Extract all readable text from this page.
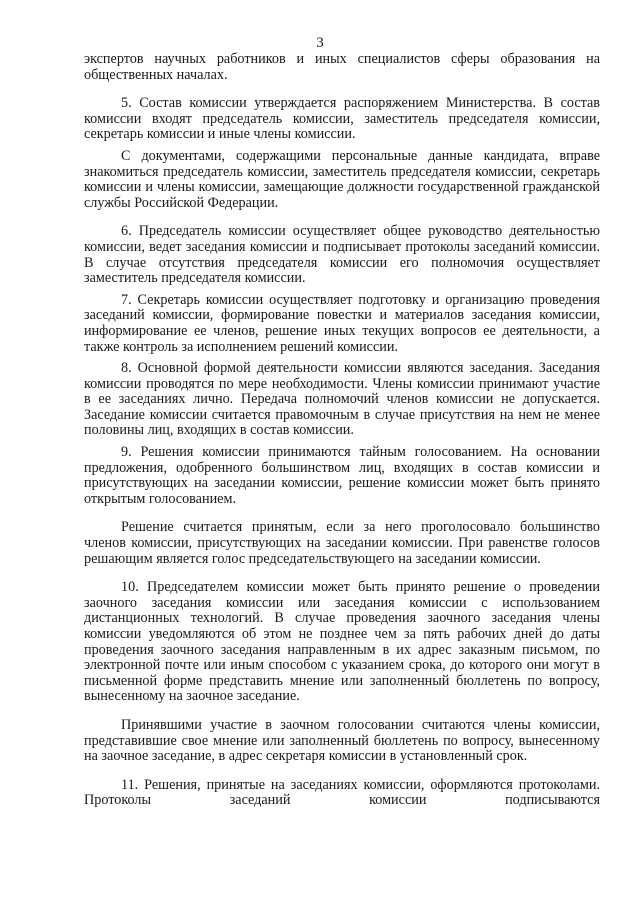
3

экспертов научных работников и иных специалистов сферы образования на общественных началах.

5. Состав комиссии утверждается распоряжением Министерства. В состав комиссии входят председатель комиссии, заместитель председателя комиссии, секретарь комиссии и иные члены комиссии.

С документами, содержащими персональные данные кандидата, вправе знакомиться председатель комиссии, заместитель председателя комиссии, секретарь комиссии и члены комиссии, замещающие должности государственной гражданской службы Российской Федерации.

6. Председатель комиссии осуществляет общее руководство деятельностью комиссии, ведет заседания комиссии и подписывает протоколы заседаний комиссии. В случае отсутствия председателя комиссии его полномочия осуществляет заместитель председателя комиссии.

7. Секретарь комиссии осуществляет подготовку и организацию проведения заседаний комиссии, формирование повестки и материалов заседания комиссии, информирование ее членов, решение иных текущих вопросов ее деятельности, а также контроль за исполнением решений комиссии.

8. Основной формой деятельности комиссии являются заседания. Заседания комиссии проводятся по мере необходимости. Члены комиссии принимают участие в ее заседаниях лично. Передача полномочий членов комиссии не допускается. Заседание комиссии считается правомочным в случае присутствия на нем не менее половины лиц, входящих в состав комиссии.

9. Решения комиссии принимаются тайным голосованием. На основании предложения, одобренного большинством лиц, входящих в состав комиссии и присутствующих на заседании комиссии, решение комиссии может быть принято открытым голосованием.

Решение считается принятым, если за него проголосовало большинство членов комиссии, присутствующих на заседании комиссии. При равенстве голосов решающим является голос председательствующего на заседании комиссии.

10. Председателем комиссии может быть принято решение о проведении заочного заседания комиссии или заседания комиссии с использованием дистанционных технологий. В случае проведения заочного заседания члены комиссии уведомляются об этом не позднее чем за пять рабочих дней до даты проведения заочного заседания направленным в их адрес заказным письмом, по электронной почте или иным способом с указанием срока, до которого они могут в письменной форме представить мнение или заполненный бюллетень по вопросу, вынесенному на заочное заседание.

Принявшими участие в заочном голосовании считаются члены комиссии, представившие свое мнение или заполненный бюллетень по вопросу, вынесенному на заочное заседание, в адрес секретаря комиссии в установленный срок.

11. Решения, принятые на заседаниях комиссии, оформляются протоколами. Протоколы заседаний комиссии подписываются
